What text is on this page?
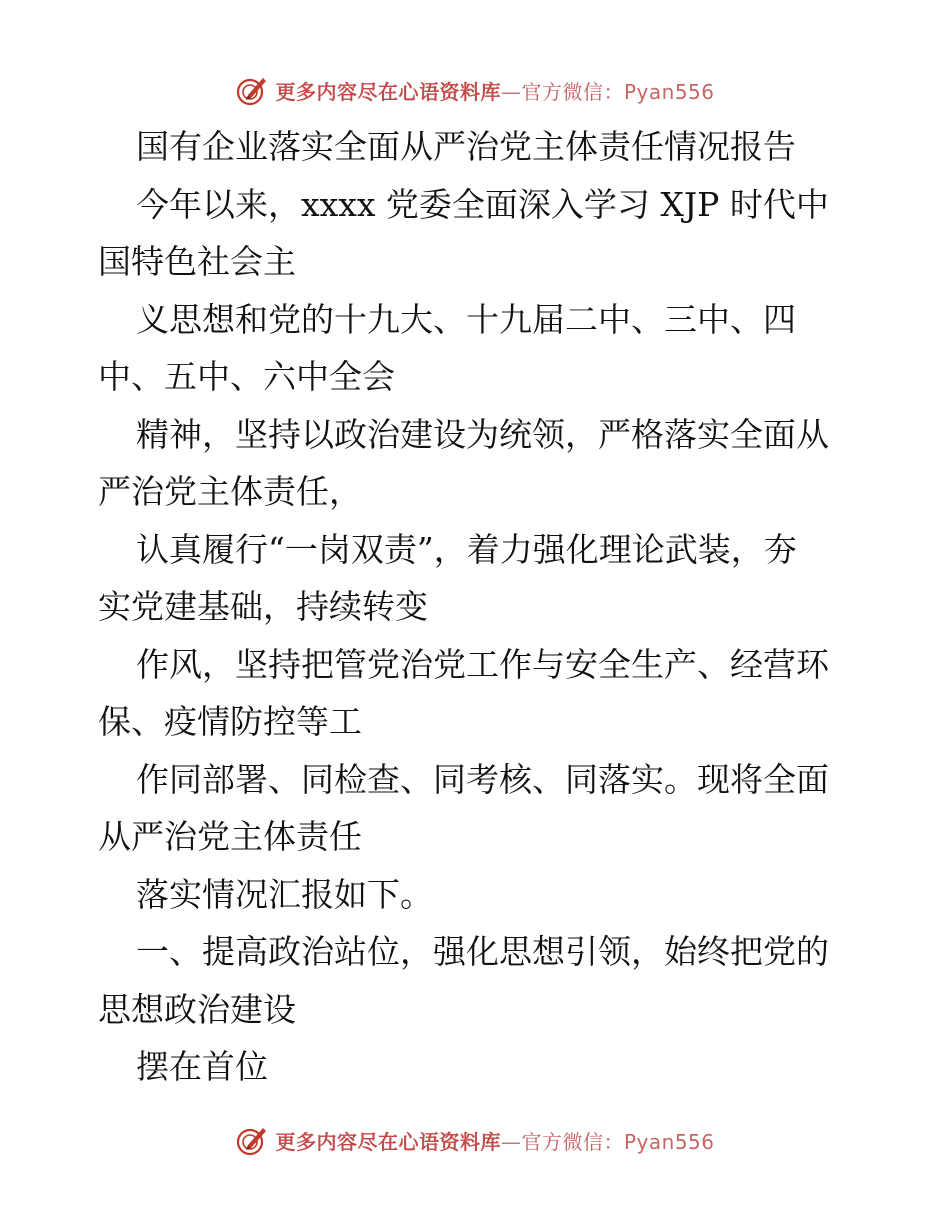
更多内容尽在心语资料库—官方微信：Pyan556
国有企业落实全面从严治党主体责任情况报告
今年以来，xxxx 党委全面深入学习 XJP 时代中
国特色社会主
义思想和党的十九大、十九届二中、三中、四
中、五中、六中全会
精神，坚持以政治建设为统领，严格落实全面从
严治党主体责任，
认真履行“一岗双责”，着力强化理论武装，夯
实党建基础，持续转变
作风，坚持把管党治党工作与安全生产、经营环
保、疫情防控等工
作同部署、同检查、同考核、同落实。现将全面
从严治党主体责任
落实情况汇报如下。
一、提高政治站位，强化思想引领，始终把党的
思想政治建设
摆在首位
更多内容尽在心语资料库—官方微信：Pyan556
